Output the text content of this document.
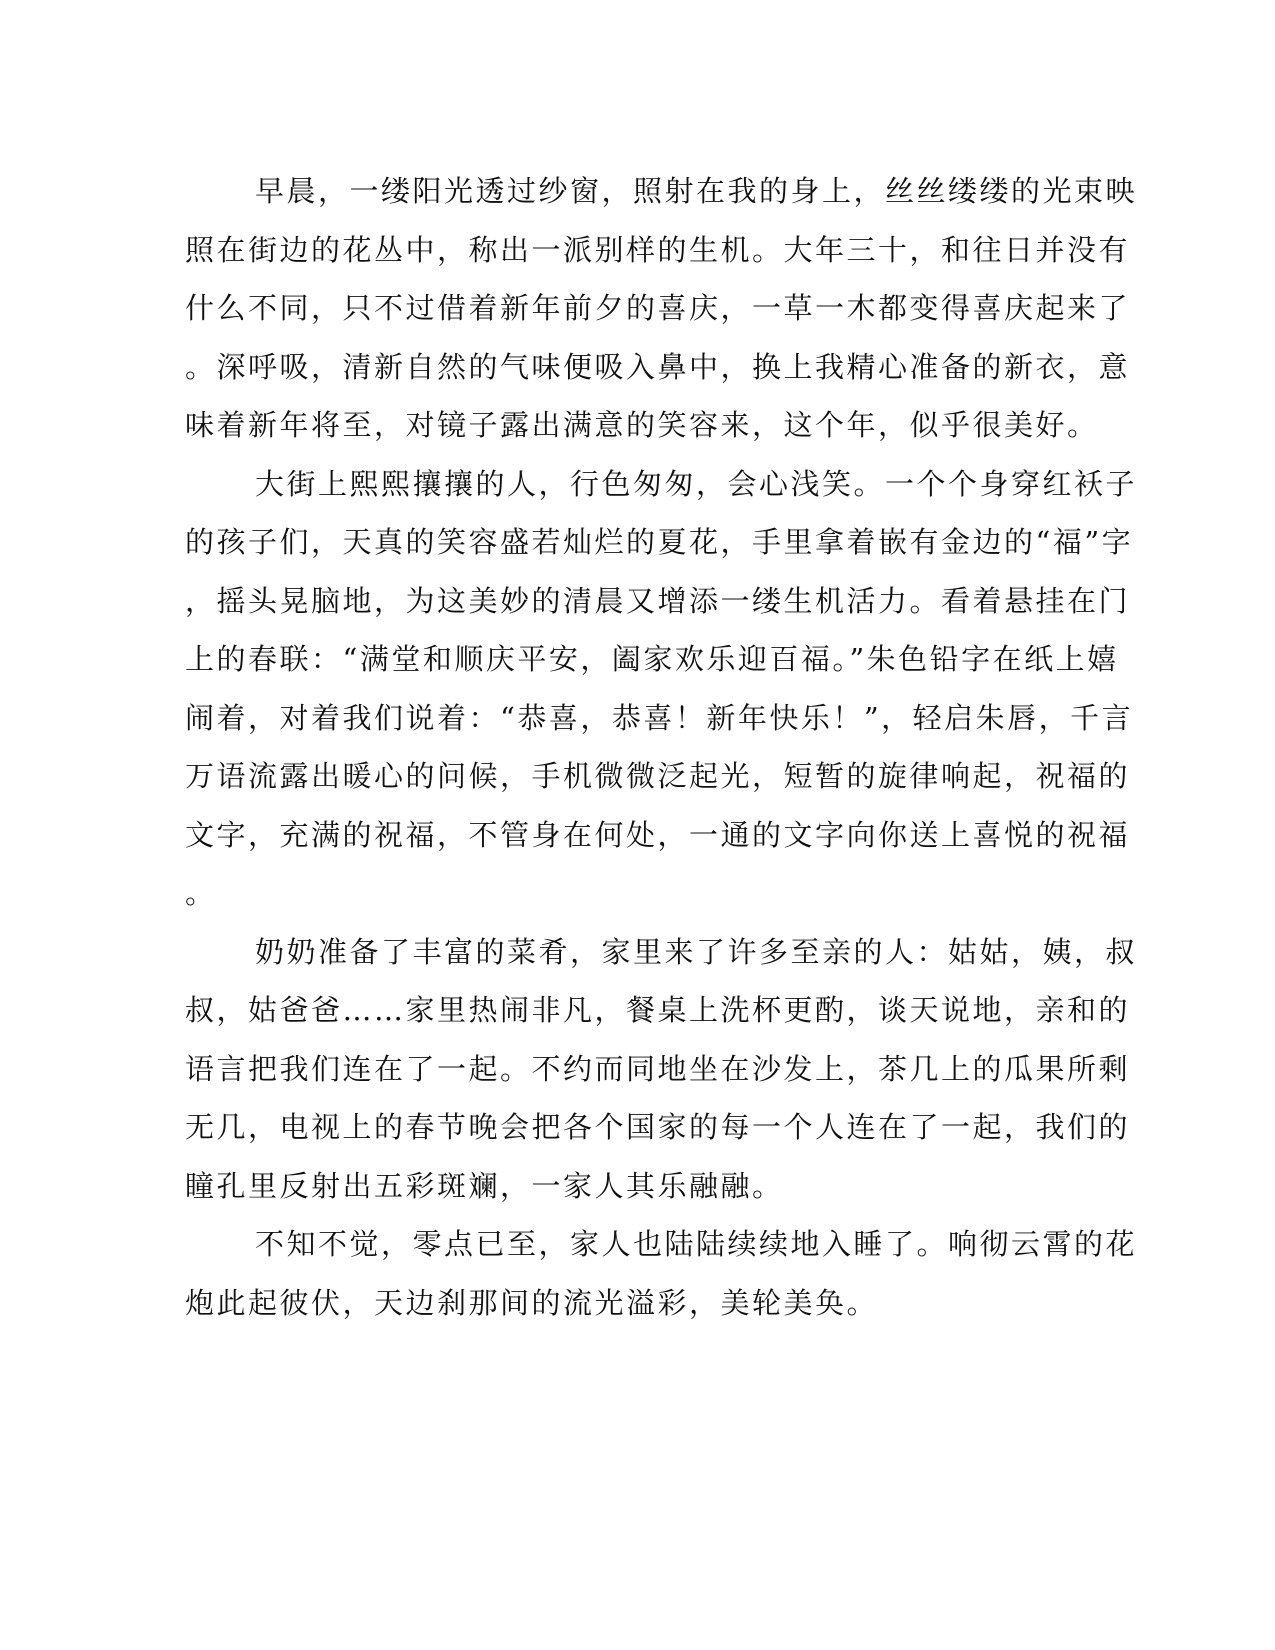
早晨，一缕阳光透过纱窗，照射在我的身上，丝丝缕缕的光束映
照在街边的花丛中，称出一派别样的生机。大年三十，和往日并没有
什么不同，只不过借着新年前夕的喜庆，一草一木都变得喜庆起来了
。深呼吸，清新自然的气味便吸入鼻中，换上我精心准备的新衣，意
味着新年将至，对镜子露出满意的笑容来，这个年，似乎很美好。
大街上熙熙攘攘的人，行色匆匆，会心浅笑。一个个身穿红袄子
的孩子们，天真的笑容盛若灿烂的夏花，手里拿着嵌有金边的“福”字
，摇头晃脑地，为这美妙的清晨又增添一缕生机活力。看着悬挂在门
上的春联：“满堂和顺庆平安，阖家欢乐迎百福。”朱色铅字在纸上嬉
闹着，对着我们说着：“恭喜，恭喜！新年快乐！”，轻启朱唇，千言
万语流露出暖心的问候，手机微微泛起光，短暂的旋律响起，祝福的
文字，充满的祝福，不管身在何处，一通的文字向你送上喜悦的祝福
。
奶奶准备了丰富的菜肴，家里来了许多至亲的人：姑姑，姨，叔
叔，姑爸爸……家里热闹非凡，餐桌上洗杯更酌，谈天说地，亲和的
语言把我们连在了一起。不约而同地坐在沙发上，茶几上的瓜果所剩
无几，电视上的春节晚会把各个国家的每一个人连在了一起，我们的
瞳孔里反射出五彩斑斓，一家人其乐融融。
不知不觉，零点已至，家人也陆陆续续地入睡了。响彻云霄的花
炮此起彼伏，天边刹那间的流光溢彩，美轮美奂。
